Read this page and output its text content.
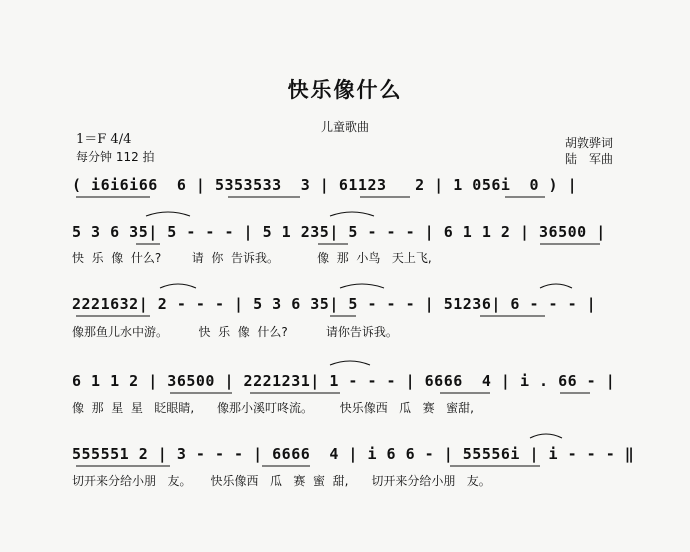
快乐像什么
儿童歌曲
1＝F 4/4
每分钟 112 拍
胡敦骅词
陆　军曲
( i6i6i66  6 | 5353533  3 | 61123   2 | 1 056i  0 ) |
5 3 6 35| 5 - - - | 5 1 235| 5 - - - | 6 1 1 2 | 36500 |
快  乐  像  什么?        请  你  告诉我。          像  那  小鸟   天上飞,
2221632| 2 - - - | 5 3 6 35| 5 - - - | 51236| 6 - - - |
像那鱼儿水中游。        快  乐  像  什么?          请你告诉我。
6 1 1 2 | 36500 | 2221231| 1 - - - | 6666  4 | i . 66 - |
像  那  星  星   眨眼睛,      像那小溪叮咚流。       快乐像西   瓜   赛   蜜甜,
555551 2 | 3 - - - | 6666  4 | i 6 6 - | 55556i | i - - - ‖
切开来分给小朋   友。     快乐像西   瓜   赛  蜜  甜,      切开来分给小朋   友。
